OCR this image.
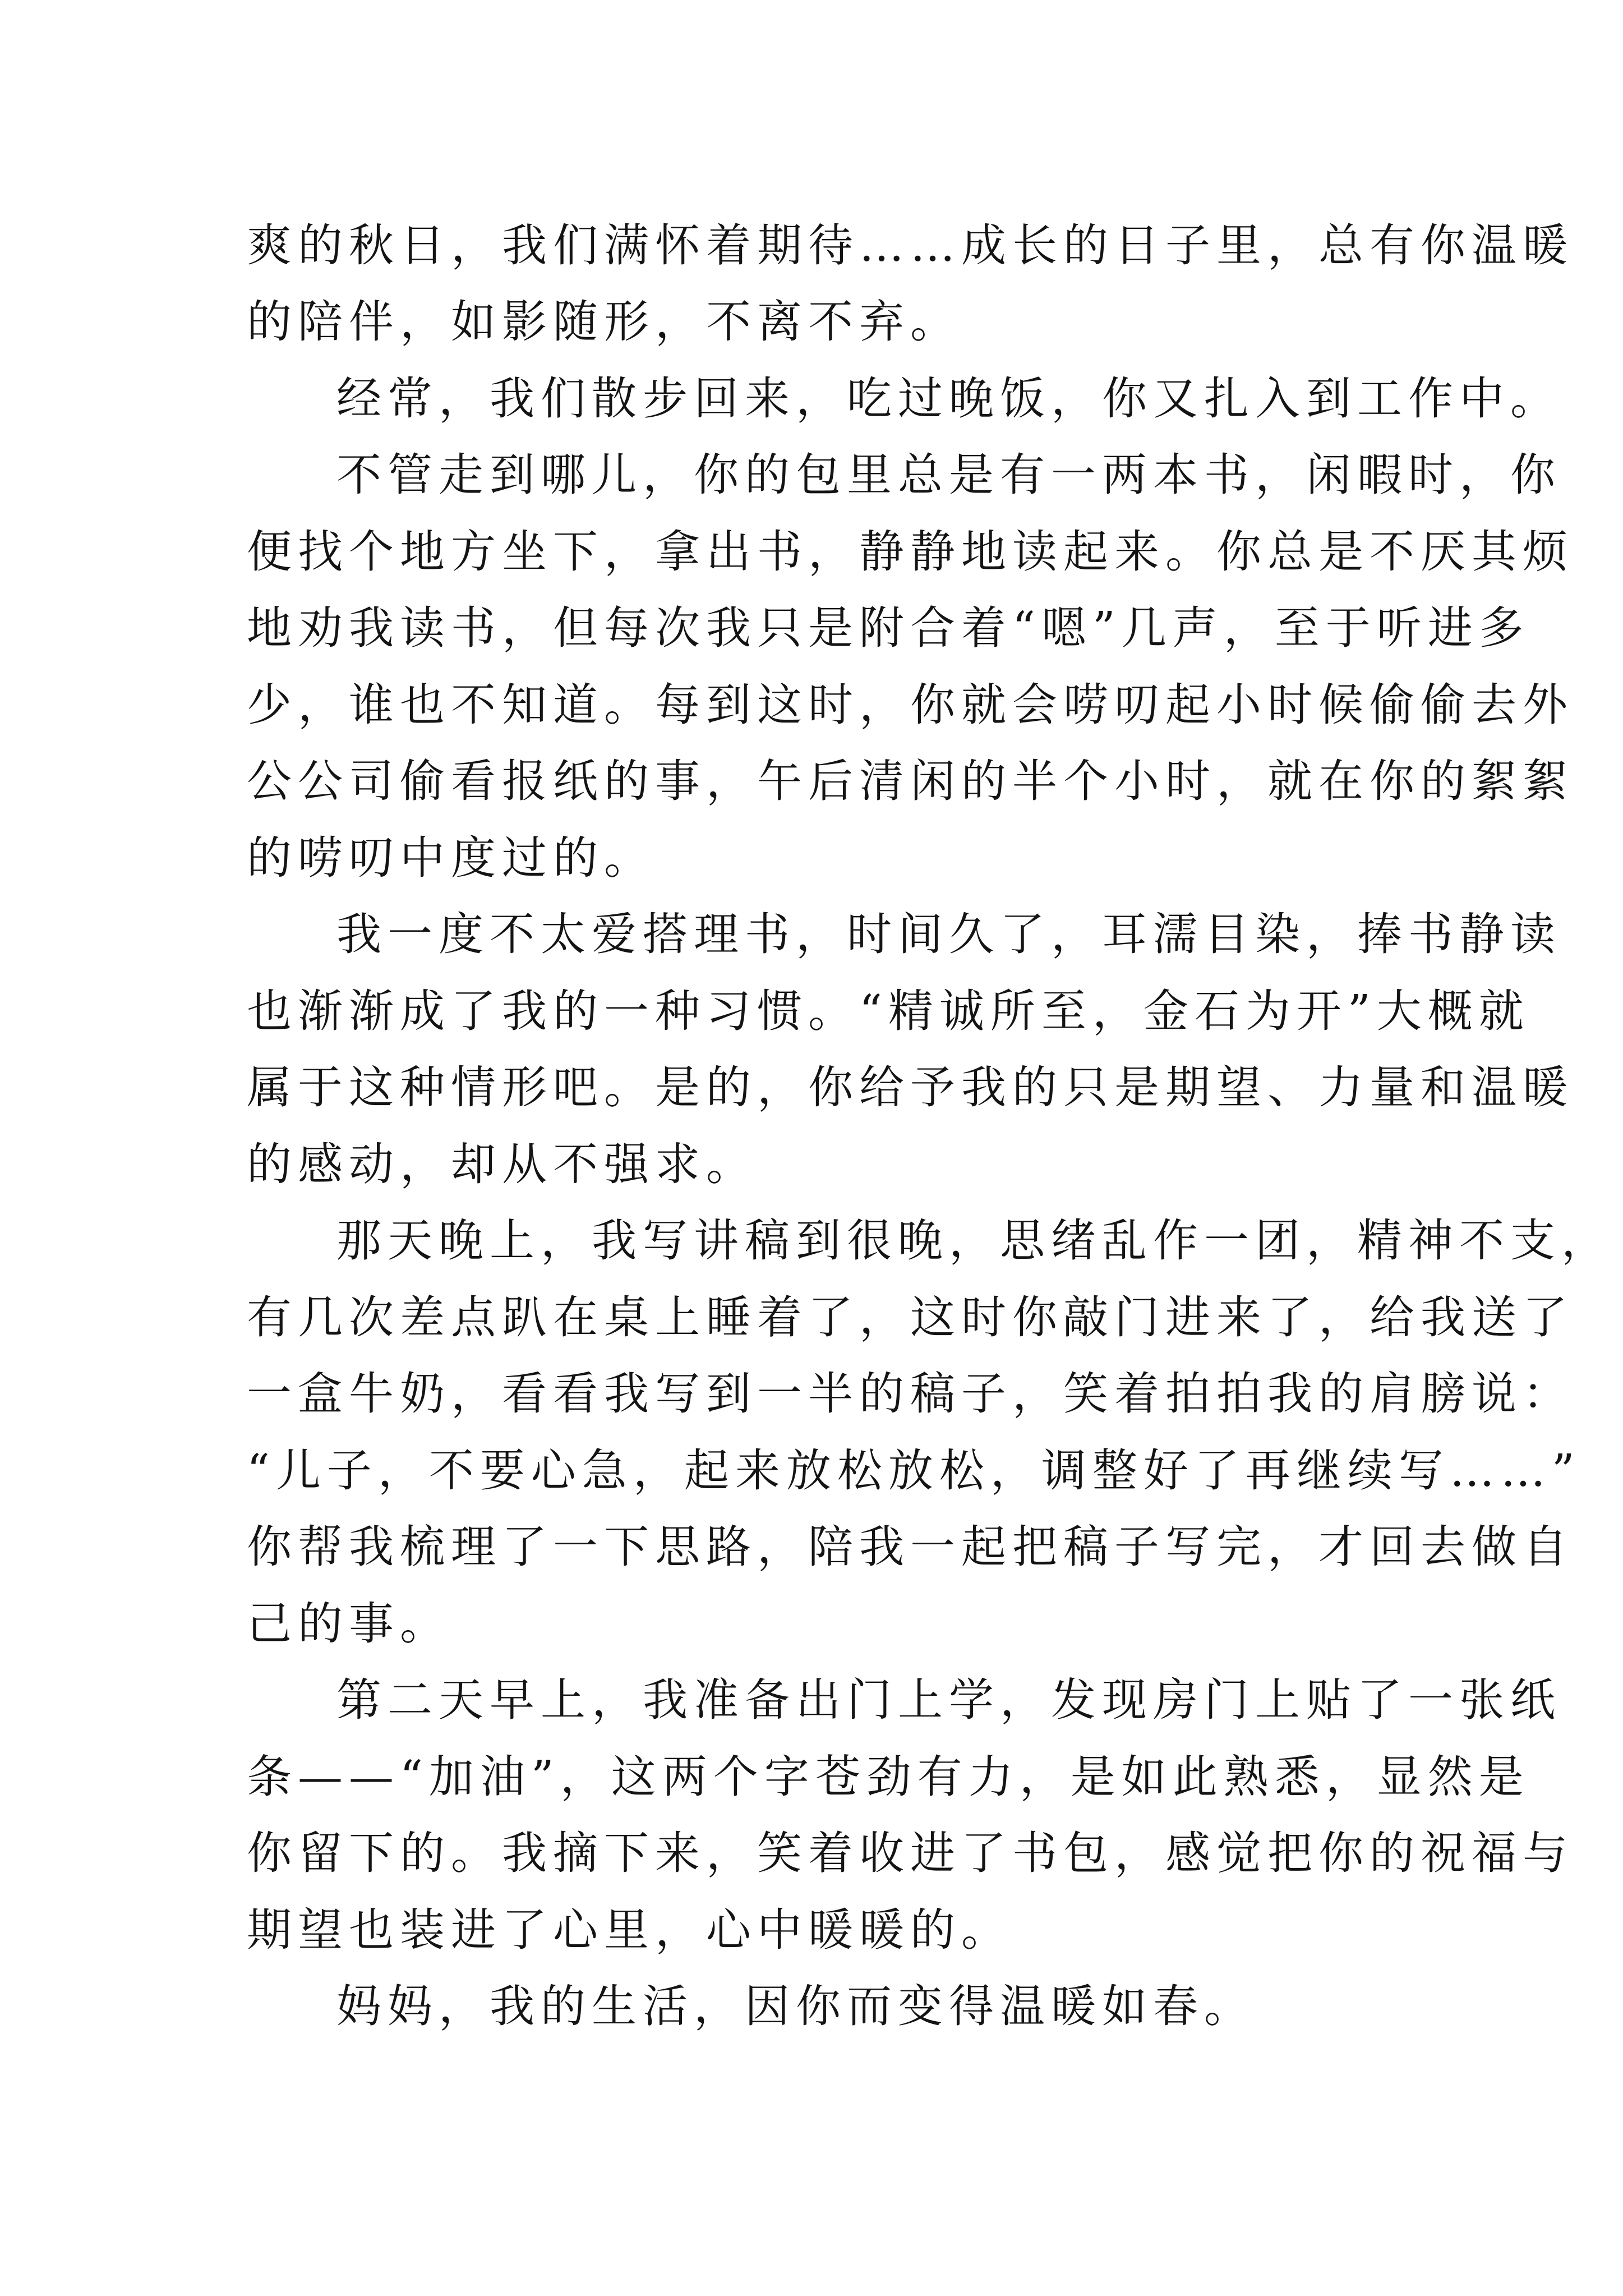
爽的秋日，我们满怀着期待……成长的日子里，总有你温暖
的陪伴，如影随形，不离不弃。
经常，我们散步回来，吃过晚饭，你又扎入到工作中。
不管走到哪儿，你的包里总是有一两本书，闲暇时，你
便找个地方坐下，拿出书，静静地读起来。你总是不厌其烦
地劝我读书，但每次我只是附合着“嗯”几声，至于听进多
少，谁也不知道。每到这时，你就会唠叨起小时候偷偷去外
公公司偷看报纸的事，午后清闲的半个小时，就在你的絮絮
的唠叨中度过的。
我一度不太爱搭理书，时间久了，耳濡目染，捧书静读
也渐渐成了我的一种习惯。“精诚所至，金石为开”大概就
属于这种情形吧。是的，你给予我的只是期望、力量和温暖
的感动，却从不强求。
那天晚上，我写讲稿到很晚，思绪乱作一团，精神不支，
有几次差点趴在桌上睡着了，这时你敲门进来了，给我送了
一盒牛奶，看看我写到一半的稿子，笑着拍拍我的肩膀说：
“儿子，不要心急，起来放松放松，调整好了再继续写……”
你帮我梳理了一下思路，陪我一起把稿子写完，才回去做自
己的事。
第二天早上，我准备出门上学，发现房门上贴了一张纸
条——“加油”，这两个字苍劲有力，是如此熟悉，显然是
你留下的。我摘下来，笑着收进了书包，感觉把你的祝福与
期望也装进了心里，心中暖暖的。
妈妈，我的生活，因你而变得温暖如春。
